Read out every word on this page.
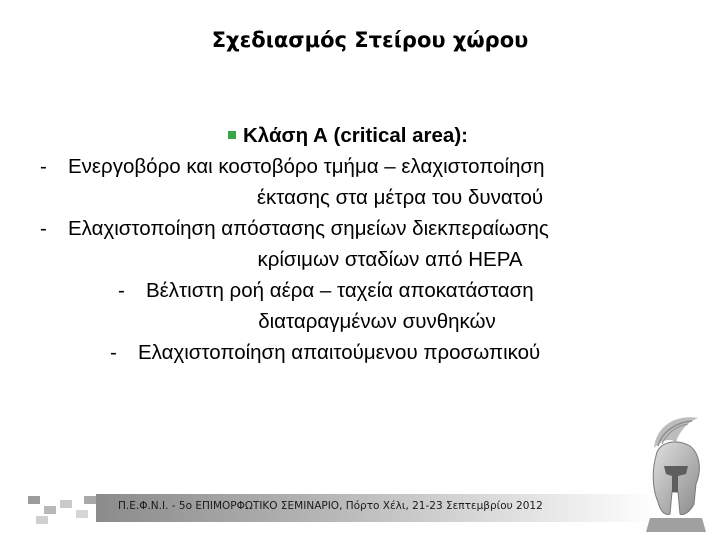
Σχεδιασμός Στείρου χώρου
Κλάση Α (critical area):
- Ενεργοβόρο και κοστοβόρο τμήμα – ελαχιστοποίηση
έκτασης στα μέτρα του δυνατού
- Ελαχιστοποίηση απόστασης σημείων διεκπεραίωσης
κρίσιμων σταδίων από HEPA
- Βέλτιστη ροή αέρα – ταχεία αποκατάσταση
διαταραγμένων συνθηκών
- Ελαχιστοποίηση απαιτούμενου προσωπικού
Π.Ε.Φ.Ν.Ι. - 5ο ΕΠΙΜΟΡΦΩΤΙΚΟ ΣΕΜΙΝΑΡΙΟ, Πόρτο Χέλι, 21-23 Σεπτεμβρίου 2012
